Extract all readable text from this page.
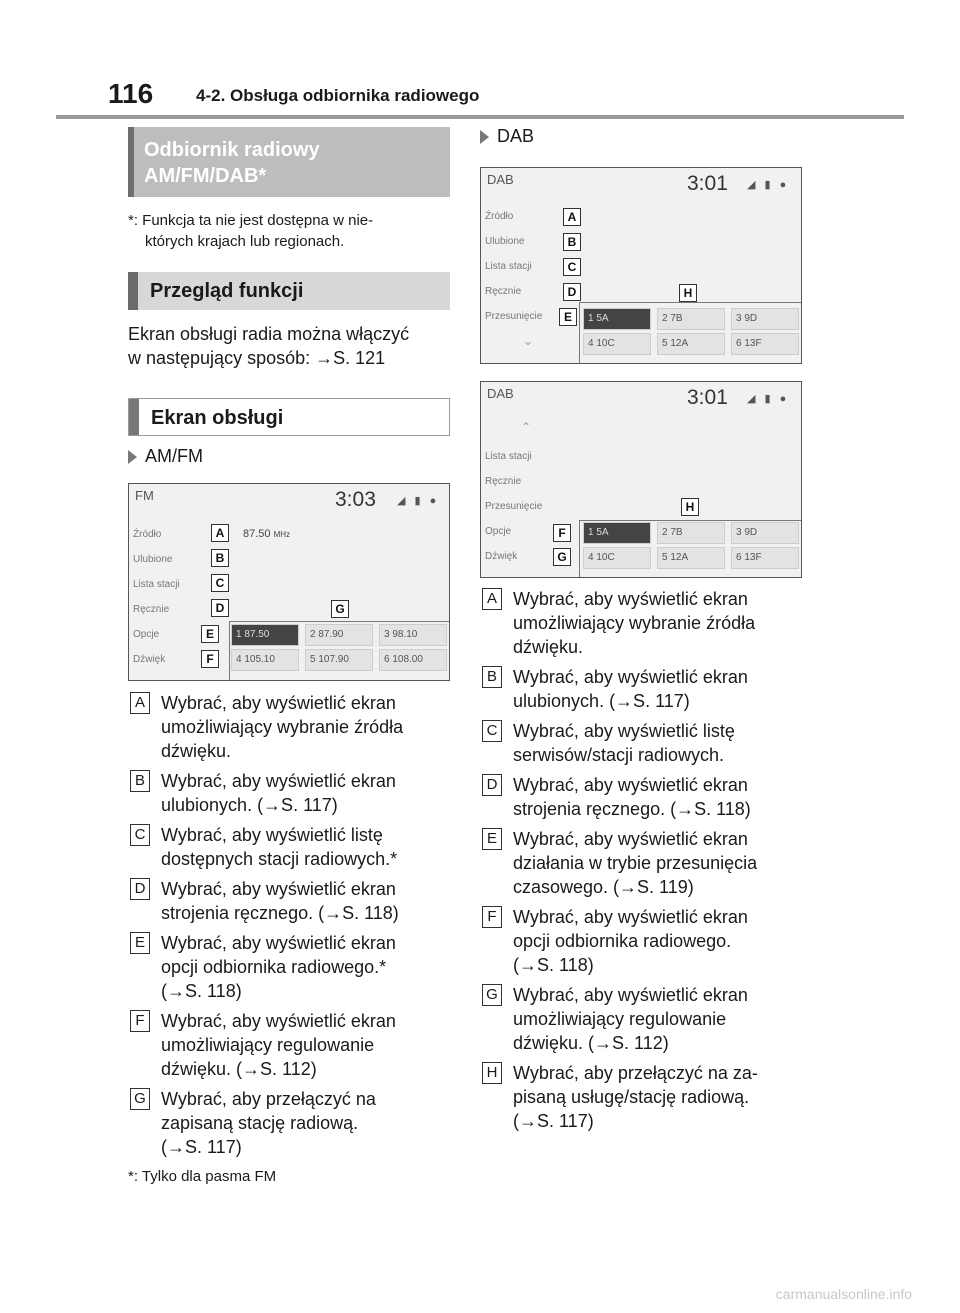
116	4-2. Obsługa odbiornika radiowego
Odbiornik radiowy
AM/FM/DAB*
*: Funkcja ta nie jest dostępna w nie-
których krajach lub regionach.
Przegląd funkcji
Ekran obsługi radia można włączyć
w następujący sposób: →S. 121
Ekran obsługi
AM/FM
FM	3:03 ◢ ▮ ●
Źródło
Ulubione
Lista stacji
Ręcznie
Opcje
Dźwięk
87.50 MHz
1 87.50	2 87.90	3 98.10
4 105.10	5 107.90	6 108.00
A
B
C
D
E
F
G
A Wybrać, aby wyświetlić ekran
umożliwiający wybranie źródła
dźwięku.
B Wybrać, aby wyświetlić ekran
ulubionych. (→S. 117)
C Wybrać, aby wyświetlić listę
dostępnych stacji radiowych.*
D Wybrać, aby wyświetlić ekran
strojenia ręcznego. (→S. 118)
E Wybrać, aby wyświetlić ekran
opcji odbiornika radiowego.*
(→S. 118)
F Wybrać, aby wyświetlić ekran
umożliwiający regulowanie
dźwięku. (→S. 112)
G Wybrać, aby przełączyć na
zapisaną stację radiową.
(→S. 117)
*: Tylko dla pasma FM
DAB
DAB	3:01 ◢ ▮ ●
Źródło
Ulubione
Lista stacji
Ręcznie
Przesunięcie
⌄
1 5A	2 7B	3 9D
4 10C	5 12A	6 13F
A
B
C
D
E
H
DAB	3:01 ◢ ▮ ●
⌃
Lista stacji
Ręcznie
Przesunięcie
Opcje
Dźwięk
1 5A	2 7B	3 9D
4 10C	5 12A	6 13F
H
F
G
A Wybrać, aby wyświetlić ekran
umożliwiający wybranie źródła
dźwięku.
B Wybrać, aby wyświetlić ekran
ulubionych. (→S. 117)
C Wybrać, aby wyświetlić listę
serwisów/stacji radiowych.
D Wybrać, aby wyświetlić ekran
strojenia ręcznego. (→S. 118)
E Wybrać, aby wyświetlić ekran
działania w trybie przesunięcia
czasowego. (→S. 119)
F Wybrać, aby wyświetlić ekran
opcji odbiornika radiowego.
(→S. 118)
G Wybrać, aby wyświetlić ekran
umożliwiający regulowanie
dźwięku. (→S. 112)
H Wybrać, aby przełączyć na za-
pisaną usługę/stację radiową.
(→S. 117)
carmanualsonline.info
